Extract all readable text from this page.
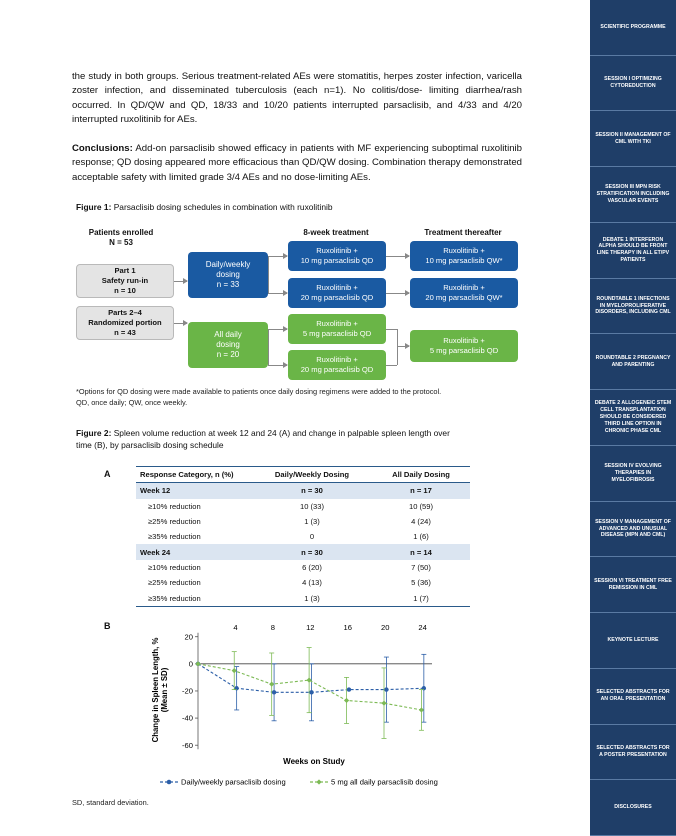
the study in both groups. Serious treatment-related AEs were stomatitis, herpes zoster infection, varicella zoster infection, and disseminated tuberculosis (each n=1). No colitis/dose- limiting diarrhea/rash occurred. In QD/QW and QD, 18/33 and 10/20 patients interrupted parsaclisib, and 4/33 and 4/20 interrupted ruxolitinib for AEs.

Conclusions: Add-on parsaclisib showed efficacy in patients with MF experiencing suboptimal ruxolitinib response; QD dosing appeared more efficacious than QD/QW dosing. Combination therapy demonstrated acceptable safety with limited grade 3/4 AEs and no dose-limiting AEs.

Figure 1: Parsaclisib dosing schedules in combination with ruxolitinib

Patients enrolled
N = 53
8-week treatment	Treatment thereafter
Part 1
Safety run-in
n = 10
Parts 2–4
Randomized portion
n = 43
Daily/weekly
dosing
n = 33
All daily
dosing
n = 20
Ruxolitinib +
10 mg parsaclisib QD
Ruxolitinib +
20 mg parsaclisib QD
Ruxolitinib +
10 mg parsaclisib QW*
Ruxolitinib +
20 mg parsaclisib QW*
Ruxolitinib +
5 mg parsaclisib QD
Ruxolitinib +
20 mg parsaclisib QD
Ruxolitinib +
5 mg parsaclisib QD

*Options for QD dosing were made available to patients once daily dosing regimens were added to the protocol.
QD, once daily; QW, once weekly.

Figure 2: Spleen volume reduction at week 12 and 24 (A) and change in palpable spleen length over
time (B), by parsaclisib dosing schedule

A	Response Category, n (%)	Daily/Weekly Dosing	All Daily Dosing
Week 12	n = 30	n = 17
≥10% reduction	10 (33)	10 (59)
≥25% reduction	1 (3)	4 (24)
≥35% reduction	0	1 (6)
Week 24	n = 30	n = 14
≥10% reduction	6 (20)	7 (50)
≥25% reduction	4 (13)	5 (36)
≥35% reduction	1 (3)	1 (7)
B
Change in Spleen Length, % (Mean ± SD)
20
0
-20
-40
-60
4	8	12	16	20	24
Weeks on Study
Daily/weekly parsaclisib dosing	5 mg all daily parsaclisib dosing

SD, standard deviation.

SCIENTIFIC PROGRAMME
SESSION I OPTIMIZING CYTOREDUCTION
SESSION II MANAGEMENT OF CML WITH TKI
SESSION III MPN RISK STRATIFICATION INCLUDING VASCULAR EVENTS
DEBATE 1 INTERFERON ALPHA SHOULD BE FRONT LINE THERAPY IN ALL ET/PV PATIENTS
ROUNDTABLE 1 INFECTIONS IN MYELOPROLIFERATIVE DISORDERS, INCLUDING CML
ROUNDTABLE 2 PREGNANCY AND PARENTING
DEBATE 2 ALLOGENEIC STEM CELL TRANSPLANTATION SHOULD BE CONSIDERED THIRD LINE OPTION IN CHRONIC PHASE CML
SESSION IV EVOLVING THERAPIES IN MYELOFIBROSIS
SESSION V MANAGEMENT OF ADVANCED AND UNUSUAL DISEASE (MPN AND CML)
SESSION VI TREATMENT FREE REMISSION IN CML
KEYNOTE LECTURE
SELECTED ABSTRACTS FOR AN ORAL PRESENTATION
SELECTED ABSTRACTS FOR A POSTER PRESENTATION
DISCLOSURES
